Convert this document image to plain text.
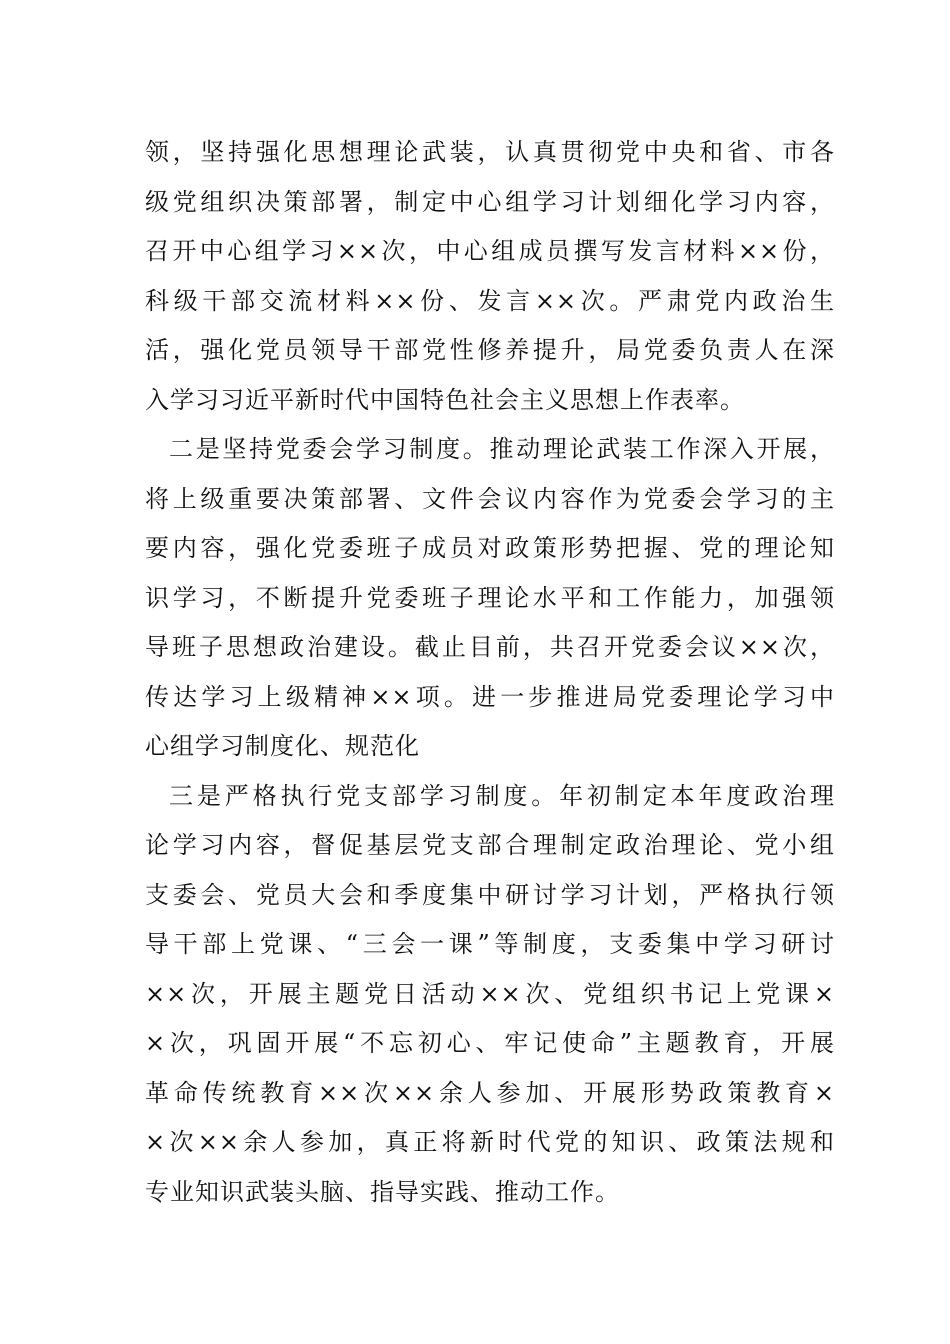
领，坚持强化思想理论武装，认真贯彻党中央和省、市各
级党组织决策部署，制定中心组学习计划细化学习内容，
召开中心组学习××次，中心组成员撰写发言材料××份，
科级干部交流材料××份、发言××次。严肃党内政治生
活，强化党员领导干部党性修养提升，局党委负责人在深
入学习习近平新时代中国特色社会主义思想上作表率。
二是坚持党委会学习制度。推动理论武装工作深入开展，
将上级重要决策部署、文件会议内容作为党委会学习的主
要内容，强化党委班子成员对政策形势把握、党的理论知
识学习，不断提升党委班子理论水平和工作能力，加强领
导班子思想政治建设。截止目前，共召开党委会议××次，
传达学习上级精神××项。进一步推进局党委理论学习中
心组学习制度化、规范化
三是严格执行党支部学习制度。年初制定本年度政治理
论学习内容，督促基层党支部合理制定政治理论、党小组
支委会、党员大会和季度集中研讨学习计划，严格执行领
导干部上党课、“三会一课”等制度，支委集中学习研讨
××次，开展主题党日活动××次、党组织书记上党课×
×次，巩固开展“不忘初心、牢记使命”主题教育，开展
革命传统教育××次××余人参加、开展形势政策教育×
×次××余人参加，真正将新时代党的知识、政策法规和
专业知识武装头脑、指导实践、推动工作。
